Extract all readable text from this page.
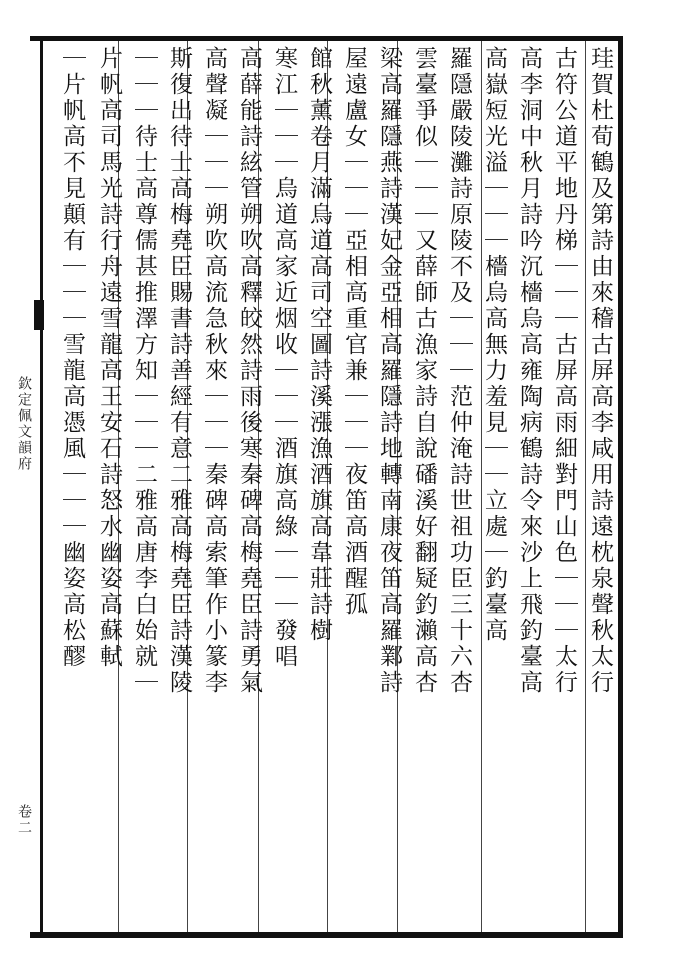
欽定佩文韻府
卷二
珪賀杜荀鶴及第詩由來稽古屏高李咸用詩遠枕泉聲秋太行
古符公道平地丹梯｜｜｜古屏高雨細對門山色｜｜｜太行
高李洞中秋月詩吟沉檣烏高雍陶病鶴詩令來沙上飛釣臺高
高嶽短光溢｜｜｜檣烏高無力羞見｜｜立處｜釣臺高
羅隱嚴陵灘詩原陵不及｜｜｜范仲淹詩世祖功臣三十六杏
雲臺爭似｜｜｜又薛師古漁家詩自說磻溪好翻疑釣瀨高杏
梁高羅隱燕詩漢妃金亞相高羅隱詩地轉南康夜笛高羅鄴詩
屋遠盧女｜｜｜亞相高重官兼｜｜｜夜笛高酒醒孤
館秋薰卷月滿烏道高司空圖詩溪漲漁酒旗高韋莊詩樹
寒江｜｜｜烏道高家近烟收｜｜｜酒旗高綠｜｜｜發唱
高薛能詩絃管朔吹高釋皎然詩雨後寒秦碑高梅堯臣詩勇氣
高聲凝｜｜｜朔吹高流急秋來｜｜｜秦碑高索筆作小篆李
斯復出待士高梅堯臣賜書詩善經有意二雅高梅堯臣詩漢陵
｜｜｜待士高尊儒甚推澤方知｜｜｜二雅高唐李白始就｜
片帆高司馬光詩行舟遠雪龍高王安石詩怒水幽姿高蘇軾
｜片帆高不見顛有｜｜｜雪龍高憑風｜｜｜幽姿高松醪
